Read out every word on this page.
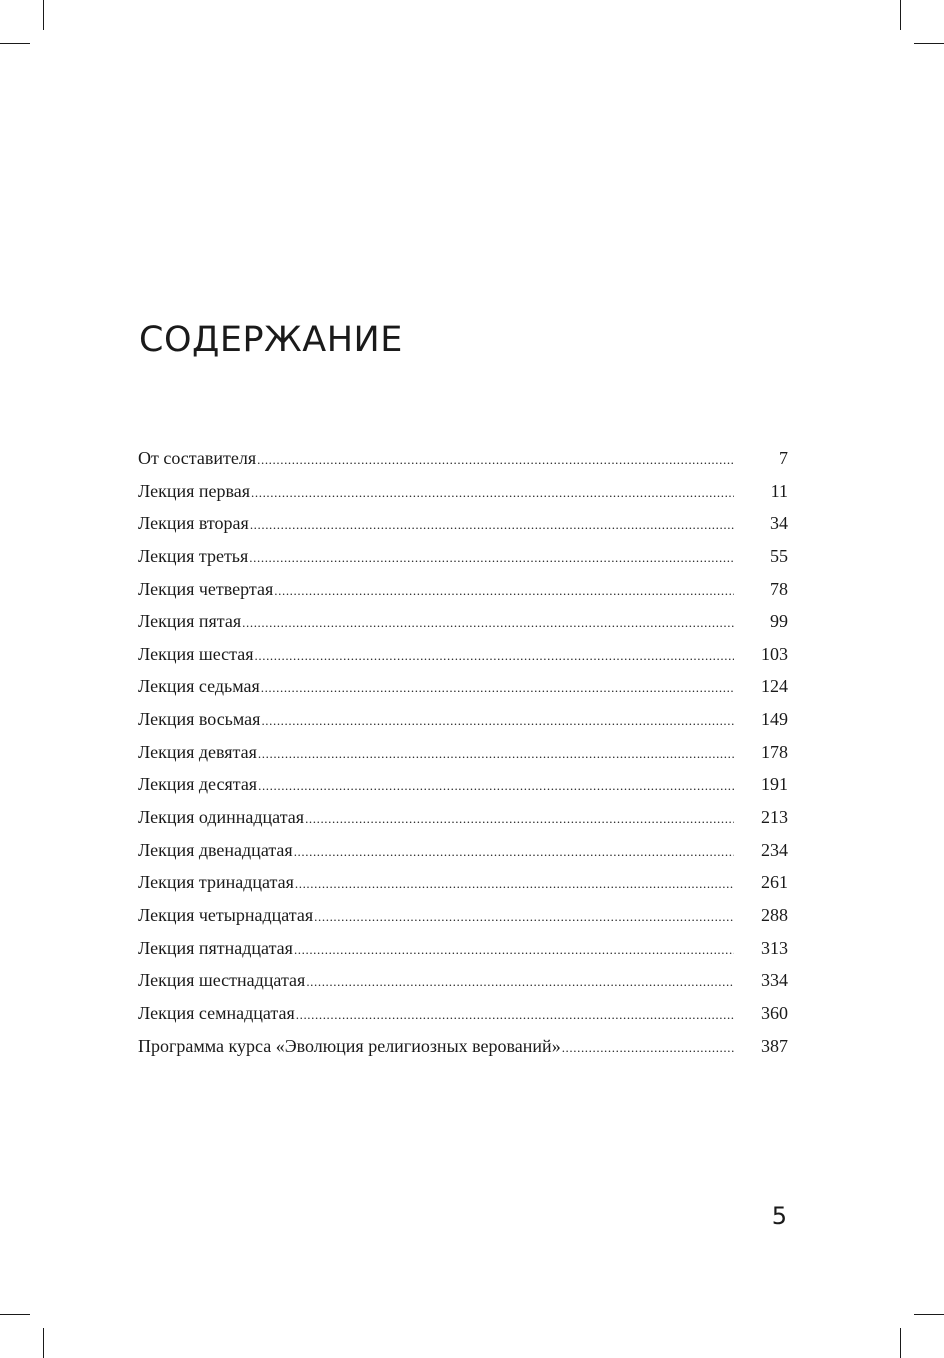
СОДЕРЖАНИЕ
От составителя .....	7
Лекция первая .....	11
Лекция вторая .....	34
Лекция третья .....	55
Лекция четвертая .....	78
Лекция пятая .....	99
Лекция шестая .....	103
Лекция седьмая .....	124
Лекция восьмая .....	149
Лекция девятая .....	178
Лекция десятая .....	191
Лекция одиннадцатая .....	213
Лекция двенадцатая .....	234
Лекция тринадцатая .....	261
Лекция четырнадцатая .....	288
Лекция пятнадцатая .....	313
Лекция шестнадцатая .....	334
Лекция семнадцатая .....	360
Программа курса «Эволюция религиозных верований» .....	387
5
